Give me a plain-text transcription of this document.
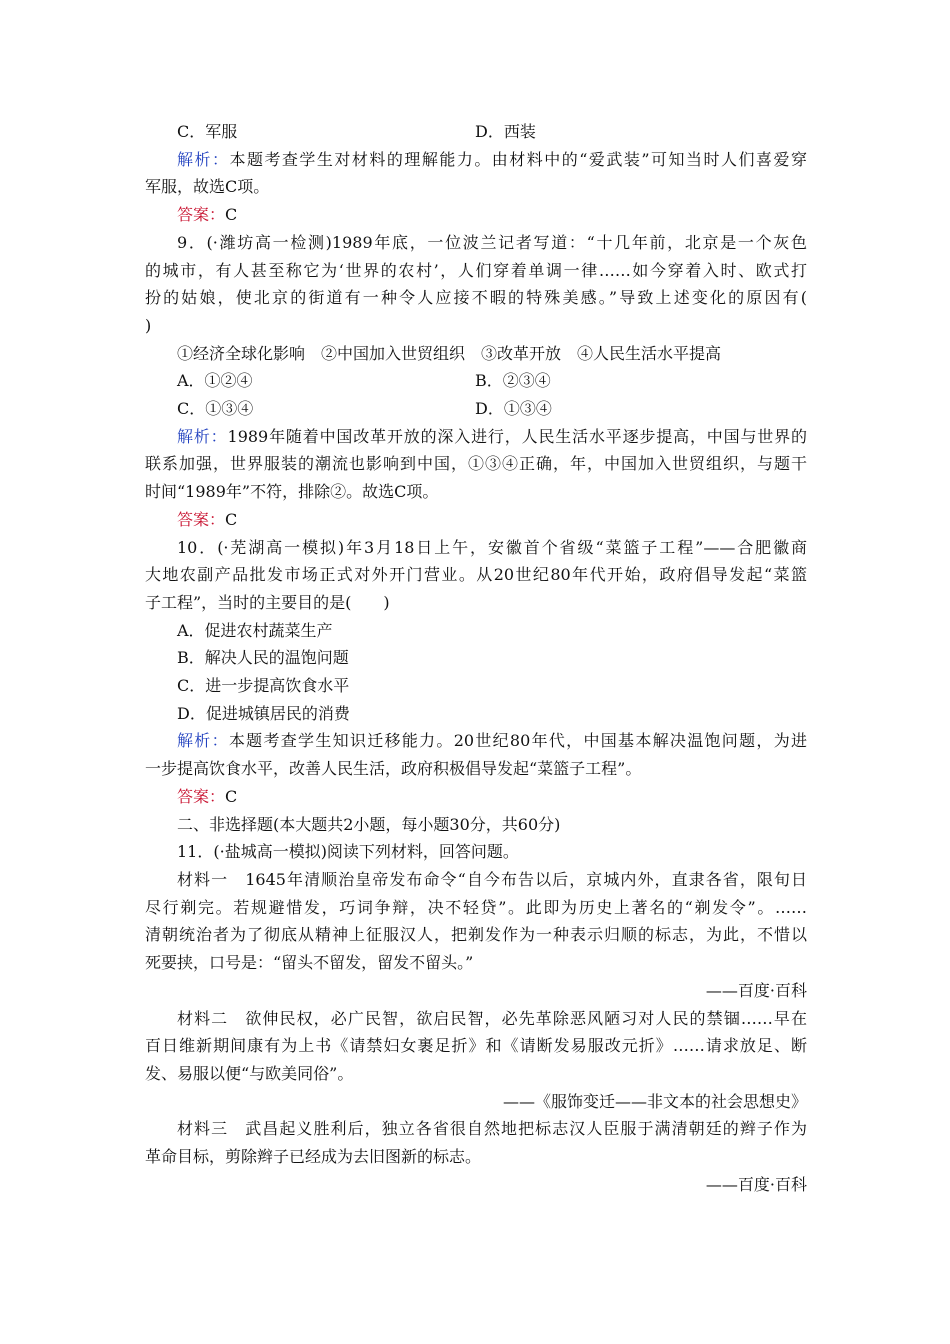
C．军服	D．西装
解析：本题考查学生对材料的理解能力。由材料中的“爱武装”可知当时人们喜爱穿
军服，故选C项。
答案：C
9．(·潍坊高一检测)1989年底，一位波兰记者写道：“十几年前，北京是一个灰色
的城市，有人甚至称它为‘世界的农村’，人们穿着单调一律……如今穿着入时、欧式打
扮的姑娘，使北京的街道有一种令人应接不暇的特殊美感。”导致上述变化的原因有(
)
①经济全球化影响　②中国加入世贸组织　③改革开放　④人民生活水平提高
A．①②④	B．②③④
C．①③④	D．①③④
解析：1989年随着中国改革开放的深入进行，人民生活水平逐步提高，中国与世界的
联系加强，世界服装的潮流也影响到中国，①③④正确，年，中国加入世贸组织，与题干
时间“1989年”不符，排除②。故选C项。
答案：C
10．(·芜湖高一模拟)年3月18日上午，安徽首个省级“菜篮子工程”——合肥徽商
大地农副产品批发市场正式对外开门营业。从20世纪80年代开始，政府倡导发起“菜篮
子工程”，当时的主要目的是(　　)
A．促进农村蔬菜生产
B．解决人民的温饱问题
C．进一步提高饮食水平
D．促进城镇居民的消费
解析：本题考查学生知识迁移能力。20世纪80年代，中国基本解决温饱问题，为进
一步提高饮食水平，改善人民生活，政府积极倡导发起“菜篮子工程”。
答案：C
二、非选择题(本大题共2小题，每小题30分，共60分)
11．(·盐城高一模拟)阅读下列材料，回答问题。
材料一　1645年清顺治皇帝发布命令“自今布告以后，京城内外，直隶各省，限旬日
尽行剃完。若规避惜发，巧词争辩，决不轻贷”。此即为历史上著名的“剃发令”。……
清朝统治者为了彻底从精神上征服汉人，把剃发作为一种表示归顺的标志，为此，不惜以
死要挟，口号是：“留头不留发，留发不留头。”
——百度·百科
材料二　欲伸民权，必广民智，欲启民智，必先革除恶风陋习对人民的禁锢……早在
百日维新期间康有为上书《请禁妇女裹足折》和《请断发易服改元折》……请求放足、断
发、易服以便“与欧美同俗”。
——《服饰变迁——非文本的社会思想史》
材料三　武昌起义胜利后，独立各省很自然地把标志汉人臣服于满清朝廷的辫子作为
革命目标，剪除辫子已经成为去旧图新的标志。
——百度·百科
